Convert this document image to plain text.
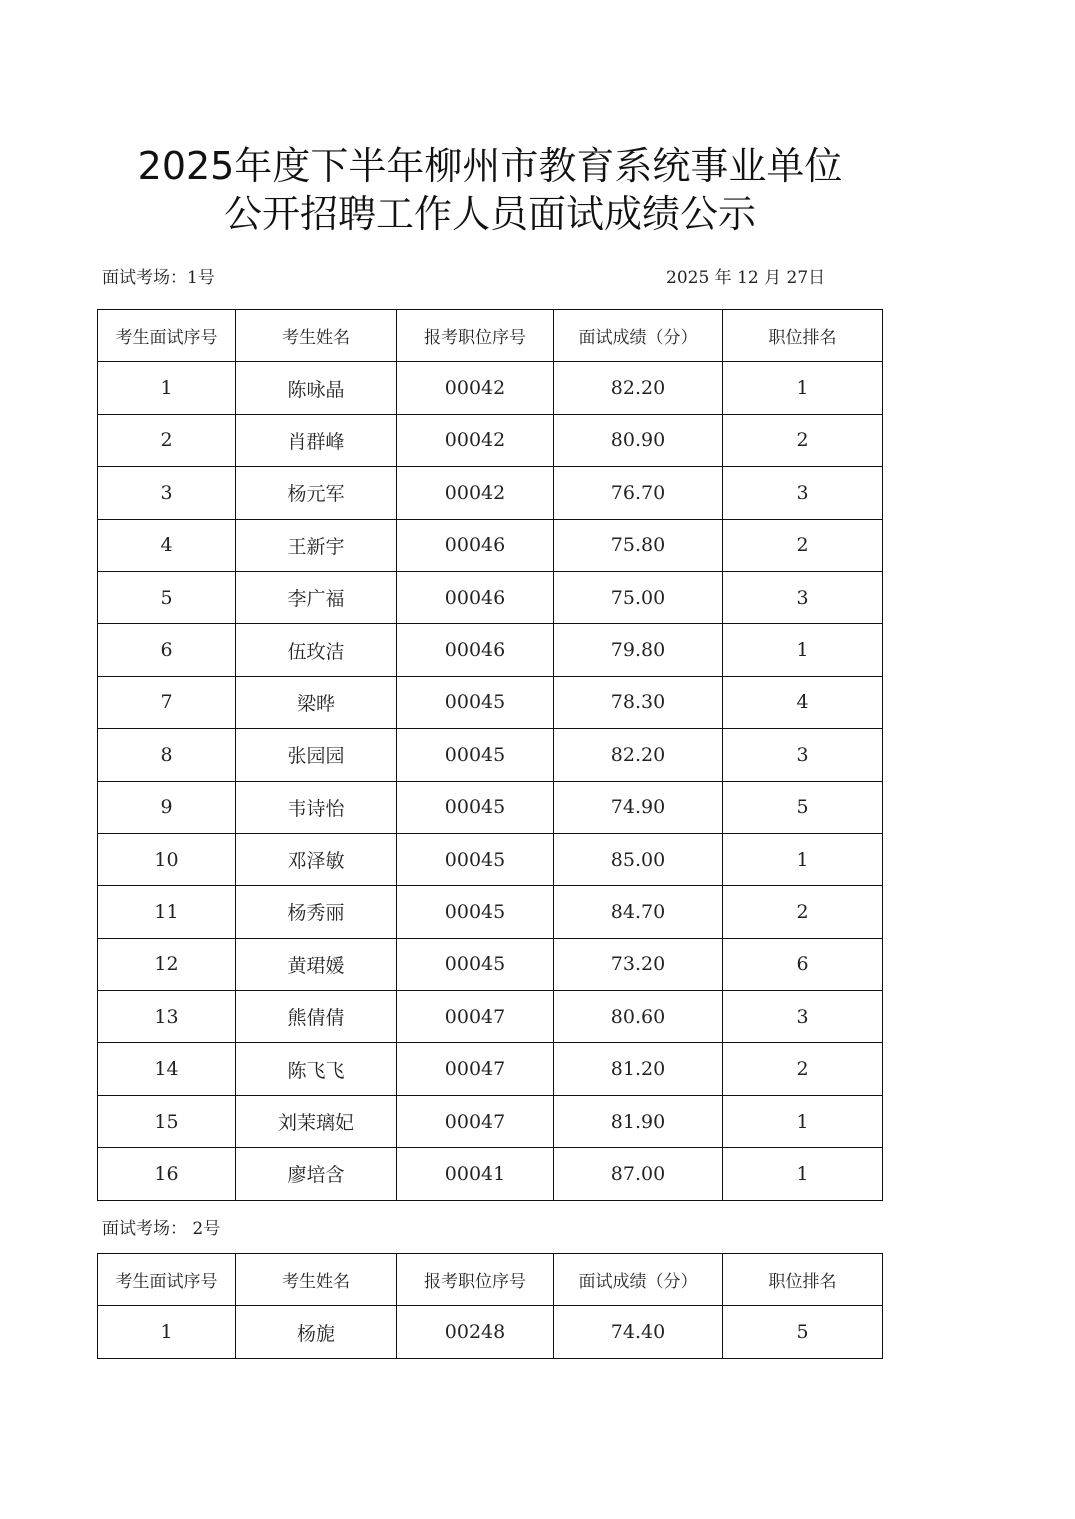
2025年度下半年柳州市教育系统事业单位
公开招聘工作人员面试成绩公示
面试考场：1号	2025 年 12 月 27日
考生面试序号	考生姓名	报考职位序号	面试成绩（分）	职位排名
1	陈咏晶	00042	82.20	1
2	肖群峰	00042	80.90	2
3	杨元军	00042	76.70	3
4	王新宇	00046	75.80	2
5	李广福	00046	75.00	3
6	伍玫洁	00046	79.80	1
7	梁晔	00045	78.30	4
8	张园园	00045	82.20	3
9	韦诗怡	00045	74.90	5
10	邓泽敏	00045	85.00	1
11	杨秀丽	00045	84.70	2
12	黄珺媛	00045	73.20	6
13	熊倩倩	00047	80.60	3
14	陈飞飞	00047	81.20	2
15	刘茉璃妃	00047	81.90	1
16	廖培含	00041	87.00	1
面试考场： 2号
考生面试序号	考生姓名	报考职位序号	面试成绩（分）	职位排名
1	杨旎	00248	74.40	5
